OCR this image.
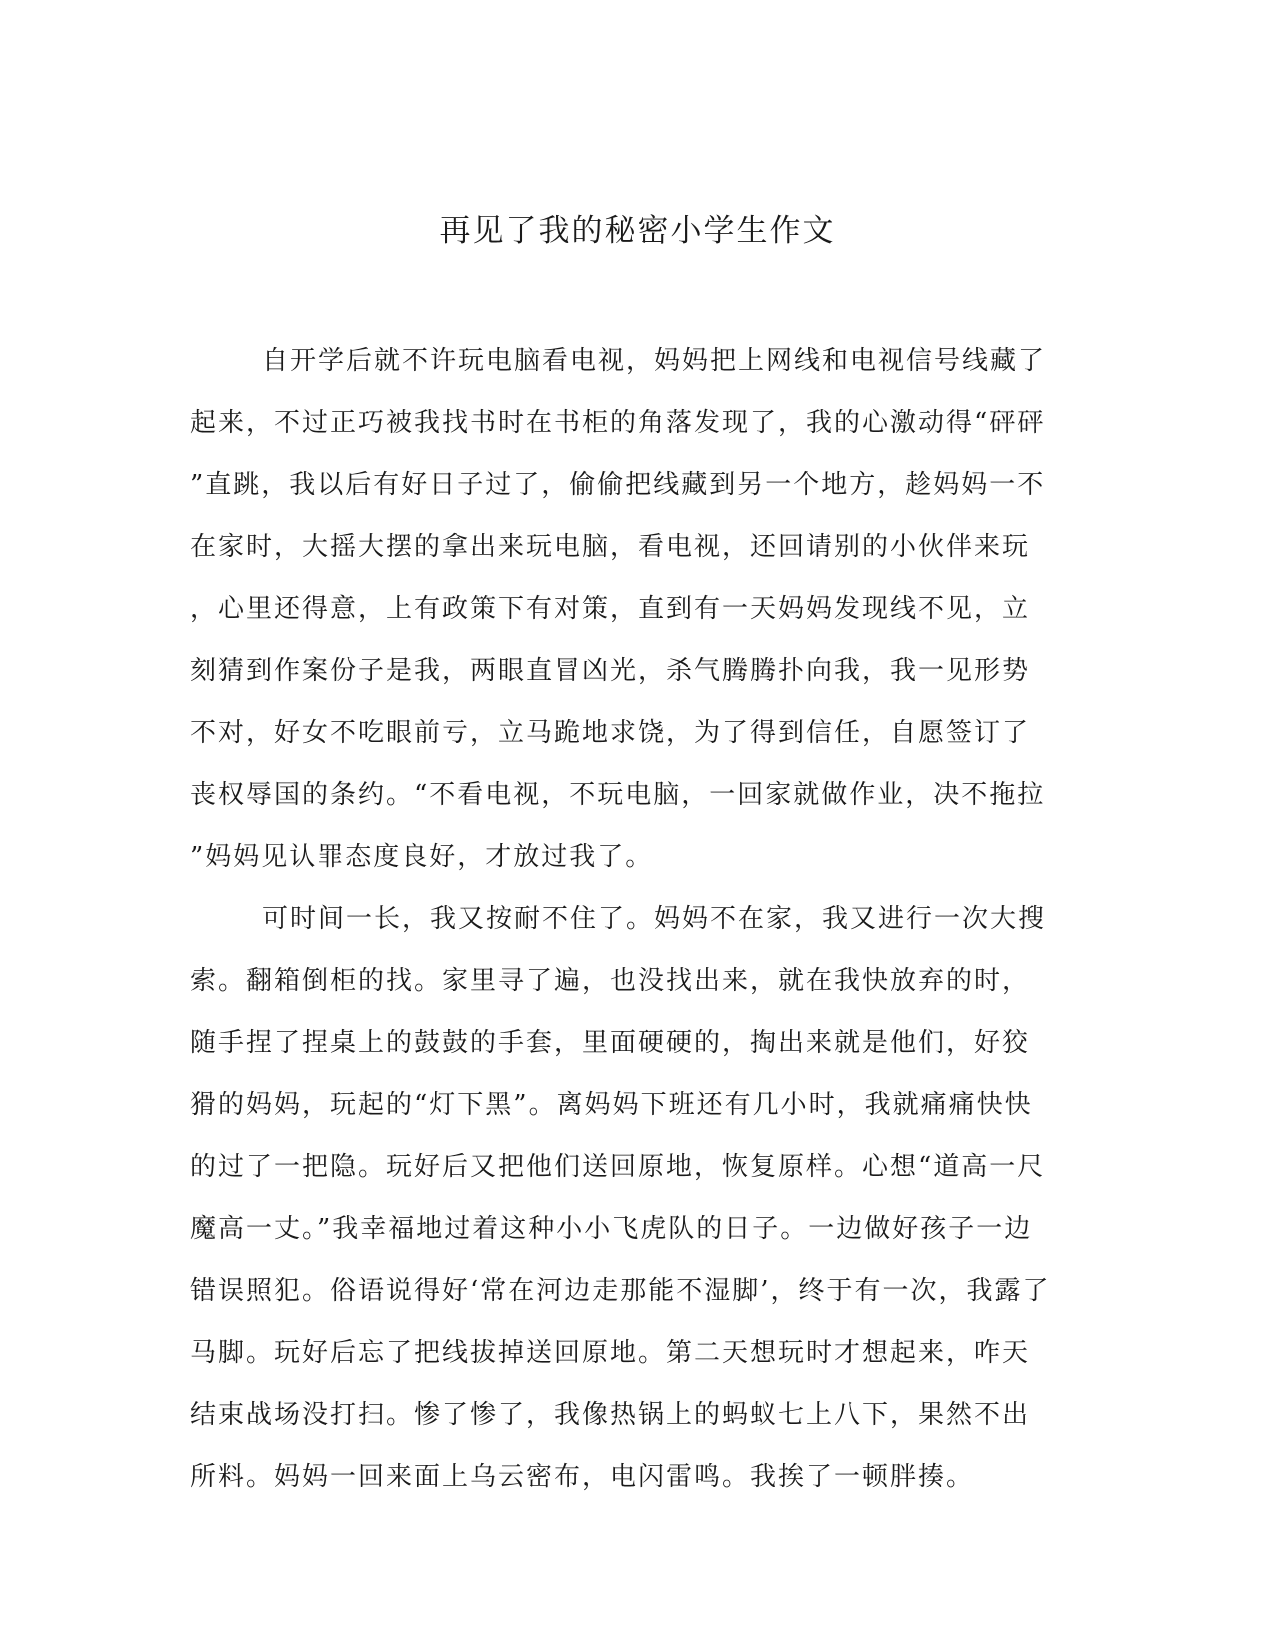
再见了我的秘密小学生作文
自开学后就不许玩电脑看电视，妈妈把上网线和电视信号线藏了
起来，不过正巧被我找书时在书柜的角落发现了，我的心激动得“砰砰
”直跳，我以后有好日子过了，偷偷把线藏到另一个地方，趁妈妈一不
在家时，大摇大摆的拿出来玩电脑，看电视，还回请别的小伙伴来玩
，心里还得意，上有政策下有对策，直到有一天妈妈发现线不见，立
刻猜到作案份子是我，两眼直冒凶光，杀气腾腾扑向我，我一见形势
不对，好女不吃眼前亏，立马跪地求饶，为了得到信任，自愿签订了
丧权辱国的条约。“不看电视，不玩电脑，一回家就做作业，决不拖拉
”妈妈见认罪态度良好，才放过我了。
可时间一长，我又按耐不住了。妈妈不在家，我又进行一次大搜
索。翻箱倒柜的找。家里寻了遍，也没找出来，就在我快放弃的时，
随手捏了捏桌上的鼓鼓的手套，里面硬硬的，掏出来就是他们，好狡
猾的妈妈，玩起的“灯下黑”。离妈妈下班还有几小时，我就痛痛快快
的过了一把隐。玩好后又把他们送回原地，恢复原样。心想“道高一尺
魔高一丈。”我幸福地过着这种小小飞虎队的日子。一边做好孩子一边
错误照犯。俗语说得好‘常在河边走那能不湿脚’，终于有一次，我露了
马脚。玩好后忘了把线拔掉送回原地。第二天想玩时才想起来，咋天
结束战场没打扫。惨了惨了，我像热锅上的蚂蚁七上八下，果然不出
所料。妈妈一回来面上乌云密布，电闪雷鸣。我挨了一顿胖揍。
